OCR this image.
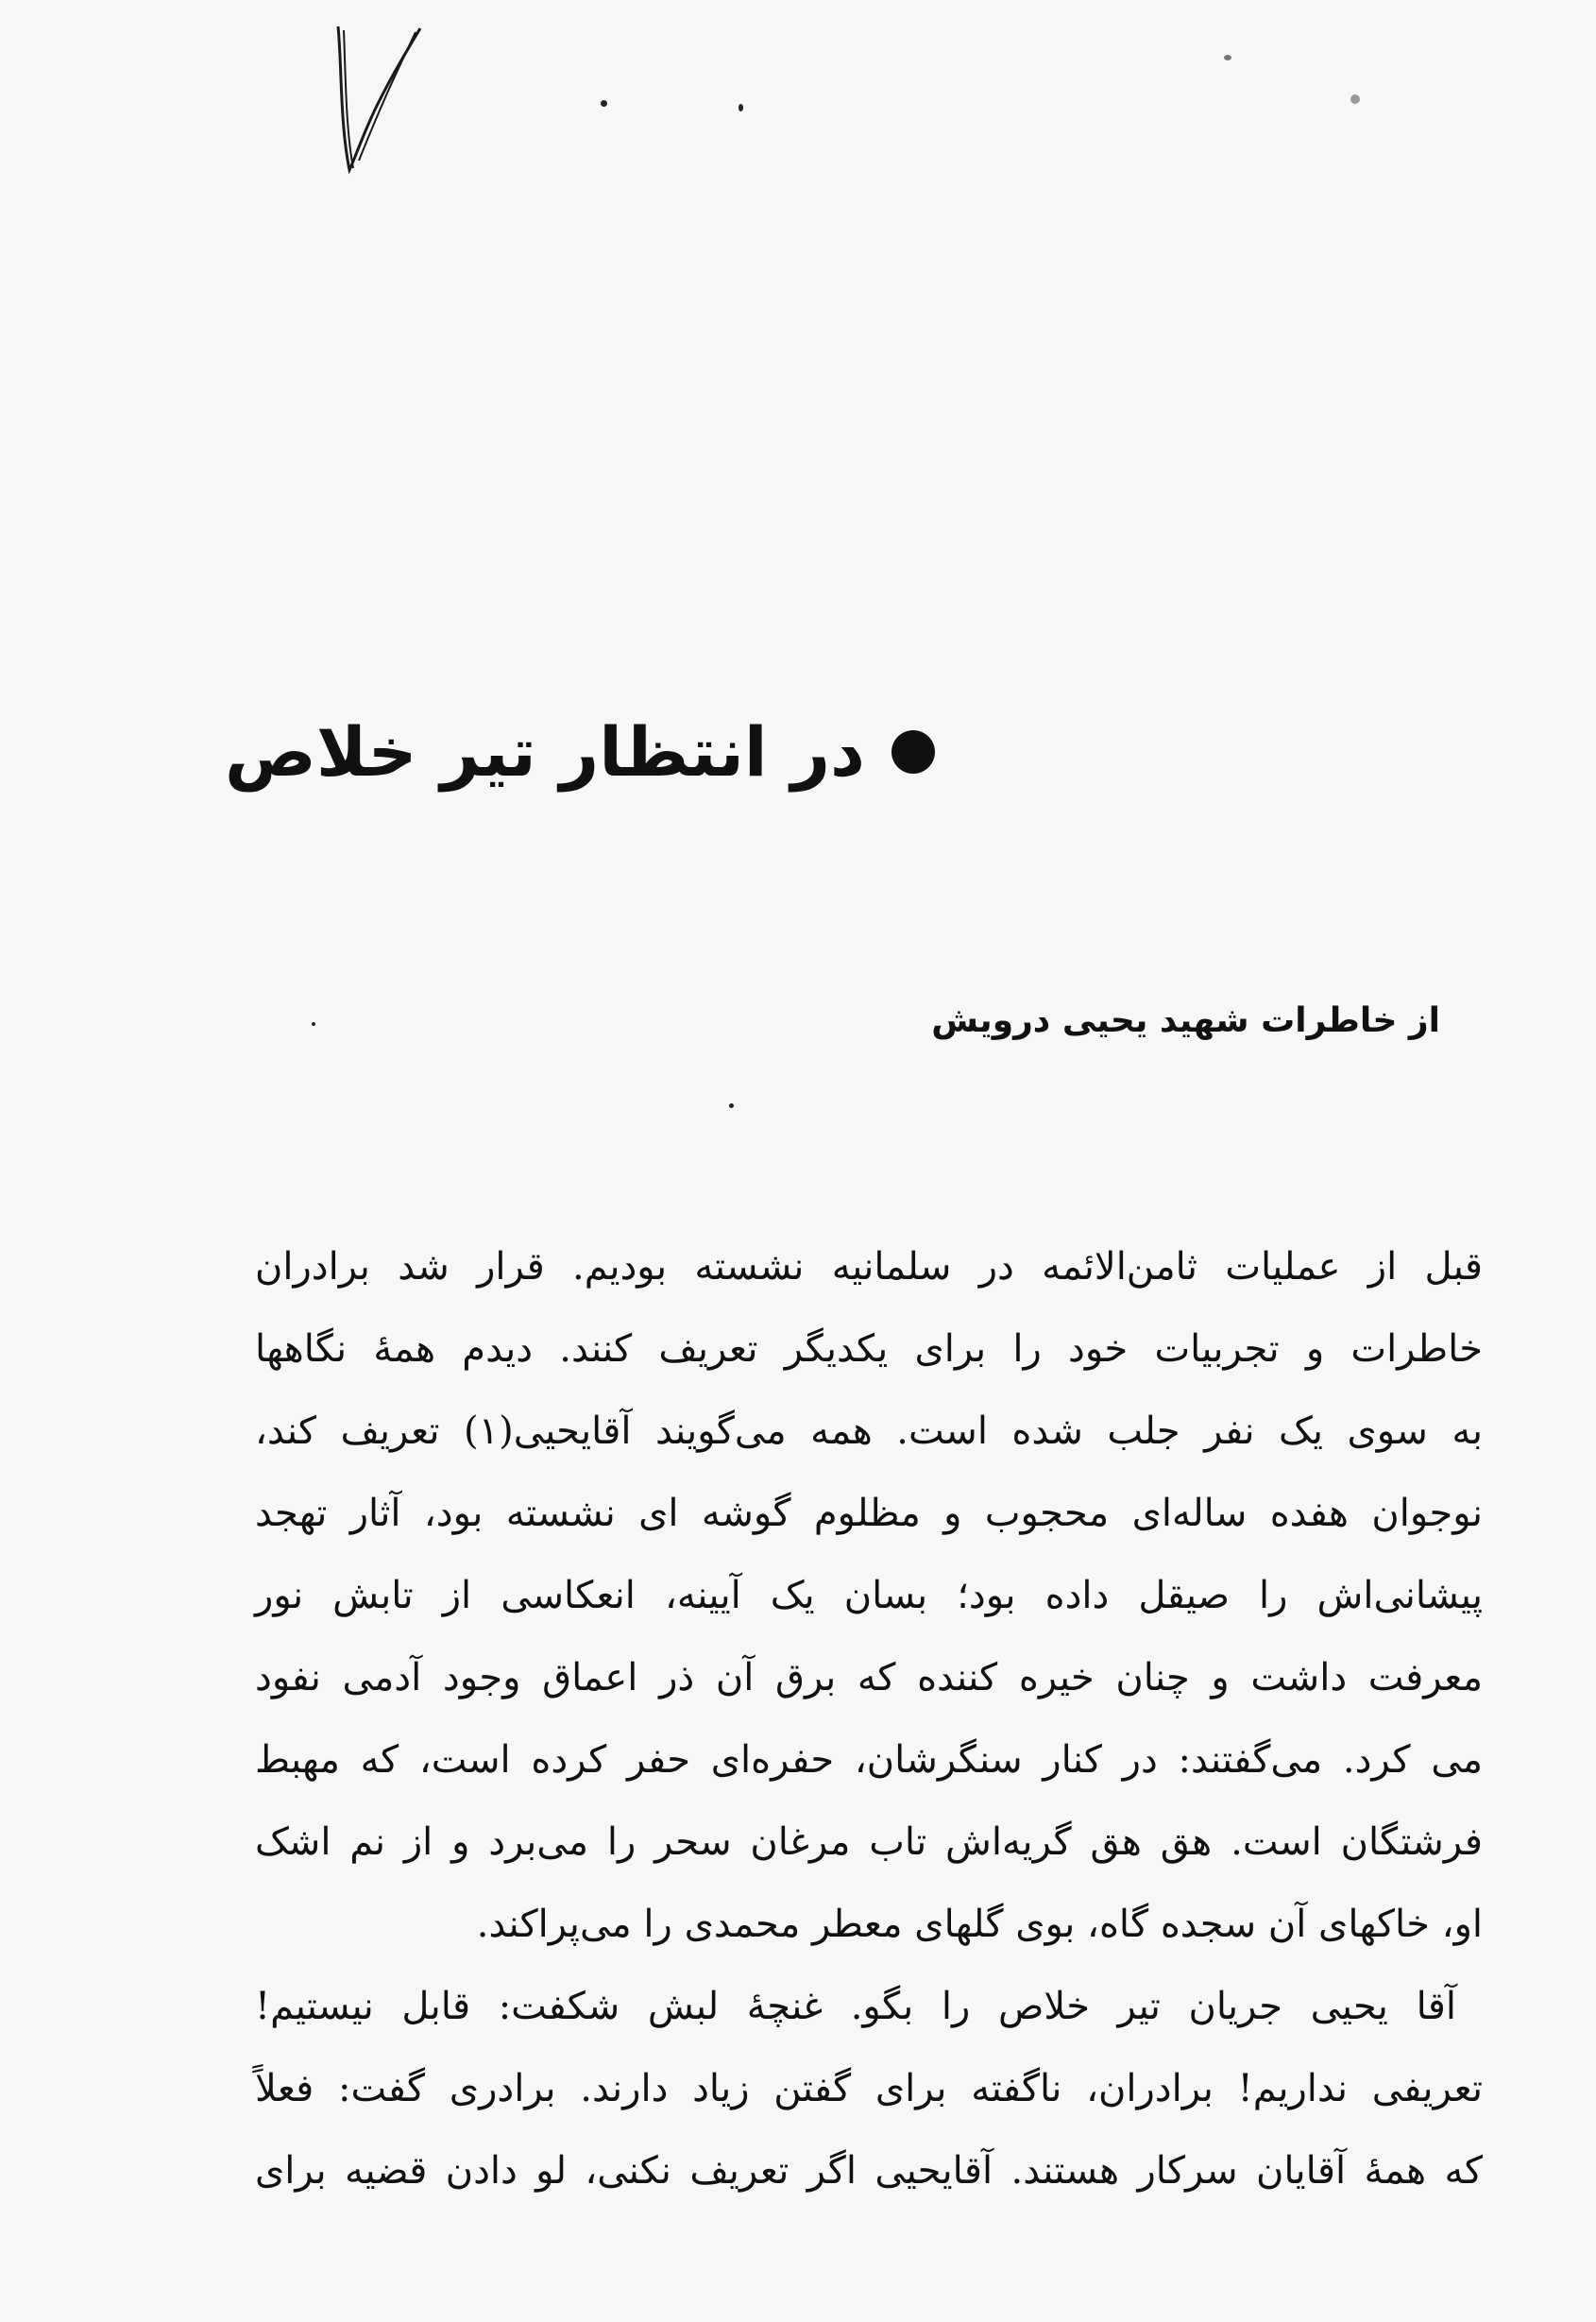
در انتظار تیر خلاص
از خاطرات شهید یحیی درویش
قبل از عملیات ثامن‌الائمه در سلمانیه نشسته بودیم. قرار شد برادران
خاطرات و تجربیات خود را برای یکدیگر تعریف کنند. دیدم همهٔ نگاهها
به سوی یک نفر جلب شده است. همه می‌گویند آقایحیی(۱) تعریف کند،
نوجوان هفده ساله‌ای محجوب و مظلوم گوشه ای نشسته بود، آثار تهجد
پیشانی‌اش را صیقل داده بود؛ بسان یک آیینه، انعکاسی از تابش نور
معرفت داشت و چنان خیره کننده که برق آن ذر اعماق وجود آدمی نفود
می کرد. می‌گفتند: در کنار سنگرشان، حفره‌ای حفر کرده است، که مهبط
فرشتگان است. هق هق گریه‌اش تاب مرغان سحر را می‌برد و از نم اشک
او، خاکهای آن سجده گاه، بوی گلهای معطر محمدی را می‌پراکند.
آقا یحیی جریان تیر خلاص را بگو. غنچهٔ لبش شکفت: قابل نیستیم!
تعریفی نداریم! برادران، ناگفته برای گفتن زیاد دارند. برادری گفت: فعلاً
که همهٔ آقایان سرکار هستند. آقایحیی اگر تعریف نکنی، لو دادن قضیه برای
